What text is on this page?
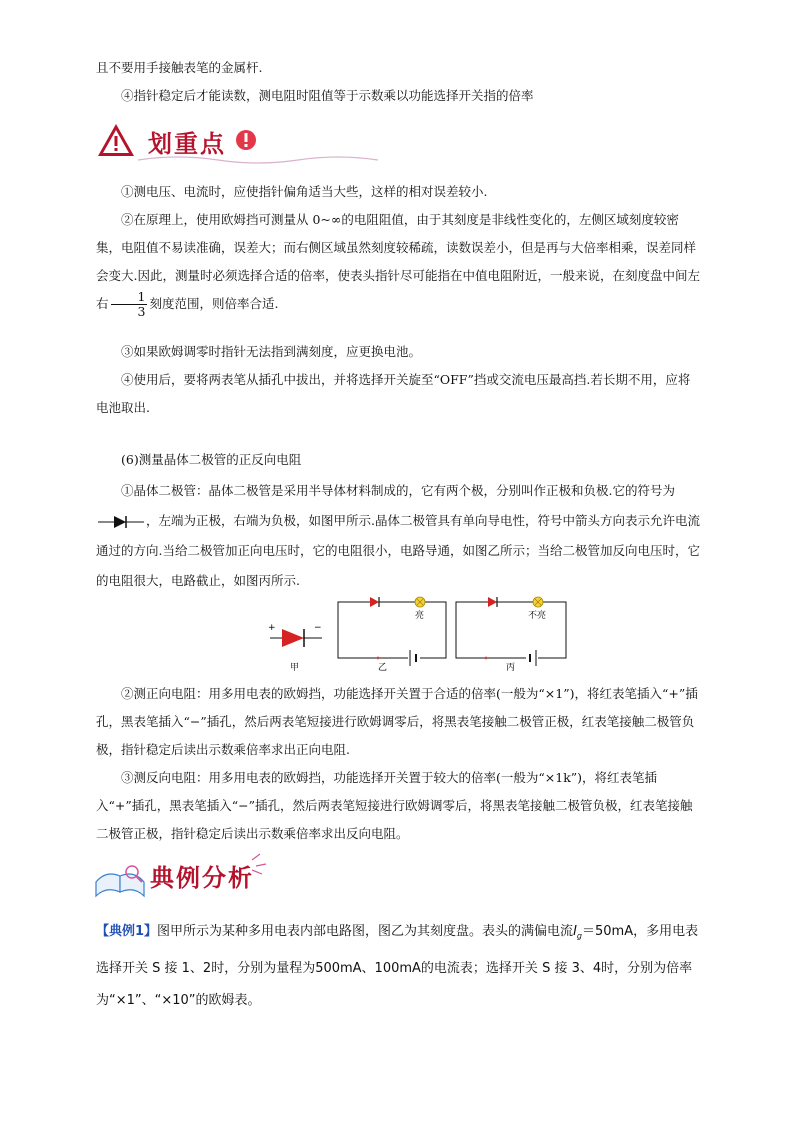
且不要用手接触表笔的金属杆.
④指针稳定后才能读数，测电阻时阻值等于示数乘以功能选择开关指的倍率
划重点
①测电压、电流时，应使指针偏角适当大些，这样的相对误差较小.
②在原理上，使用欧姆挡可测量从 0~∞的电阻阻值，由于其刻度是非线性变化的，左侧区域刻度较密集，电阻值不易读准确，误差大；而右侧区域虽然刻度较稀疏，读数误差小，但是再与大倍率相乘，误差同样会变大.因此，测量时必须选择合适的倍率，使表头指针尽可能指在中值电阻附近，一般来说，在刻度盘中间左右 $\frac{1}{3}$ 刻度范围，则倍率合适.
③如果欧姆调零时指针无法指到满刻度，应更换电池。
④使用后，要将两表笔从插孔中拔出，并将选择开关旋至“OFF”挡或交流电压最高挡.若长期不用，应将电池取出.
(6)测量晶体二极管的正反向电阻
①晶体二极管：晶体二极管是采用半导体材料制成的，它有两个极，分别叫作正极和负极.它的符号为，左端为正极，右端为负极，如图甲所示.晶体二极管具有单向导电性，符号中箭头方向表示允许电流通过的方向.当给二极管加正向电压时，它的电阻很小，电路导通，如图乙所示；当给二极管加反向电压时，它的电阻很大，电路截止，如图丙所示.
+	−
甲
亮
乙
不亮
丙
②测正向电阻：用多用电表的欧姆挡，功能选择开关置于合适的倍率(一般为“×1”)，将红表笔插入“+”插孔，黑表笔插入“−”插孔，然后两表笔短接进行欧姆调零后，将黑表笔接触二极管正极，红表笔接触二极管负极，指针稳定后读出示数乘倍率求出正向电阻.
③测反向电阻：用多用电表的欧姆挡，功能选择开关置于较大的倍率(一般为“×1k”)，将红表笔插入“+”插孔，黑表笔插入“−”插孔，然后两表笔短接进行欧姆调零后，将黑表笔接触二极管负极，红表笔接触二极管正极，指针稳定后读出示数乘倍率求出反向电阻。
典例分析
【典例1】图甲所示为某种多用电表内部电路图，图乙为其刻度盘。表头的满偏电流$I_g=50mA$，多用电表选择开关 S 接 1、2时，分别为量程为500mA、100mA的电流表；选择开关 S 接 3、4时，分别为倍率为“×1”、“×10”的欧姆表。
